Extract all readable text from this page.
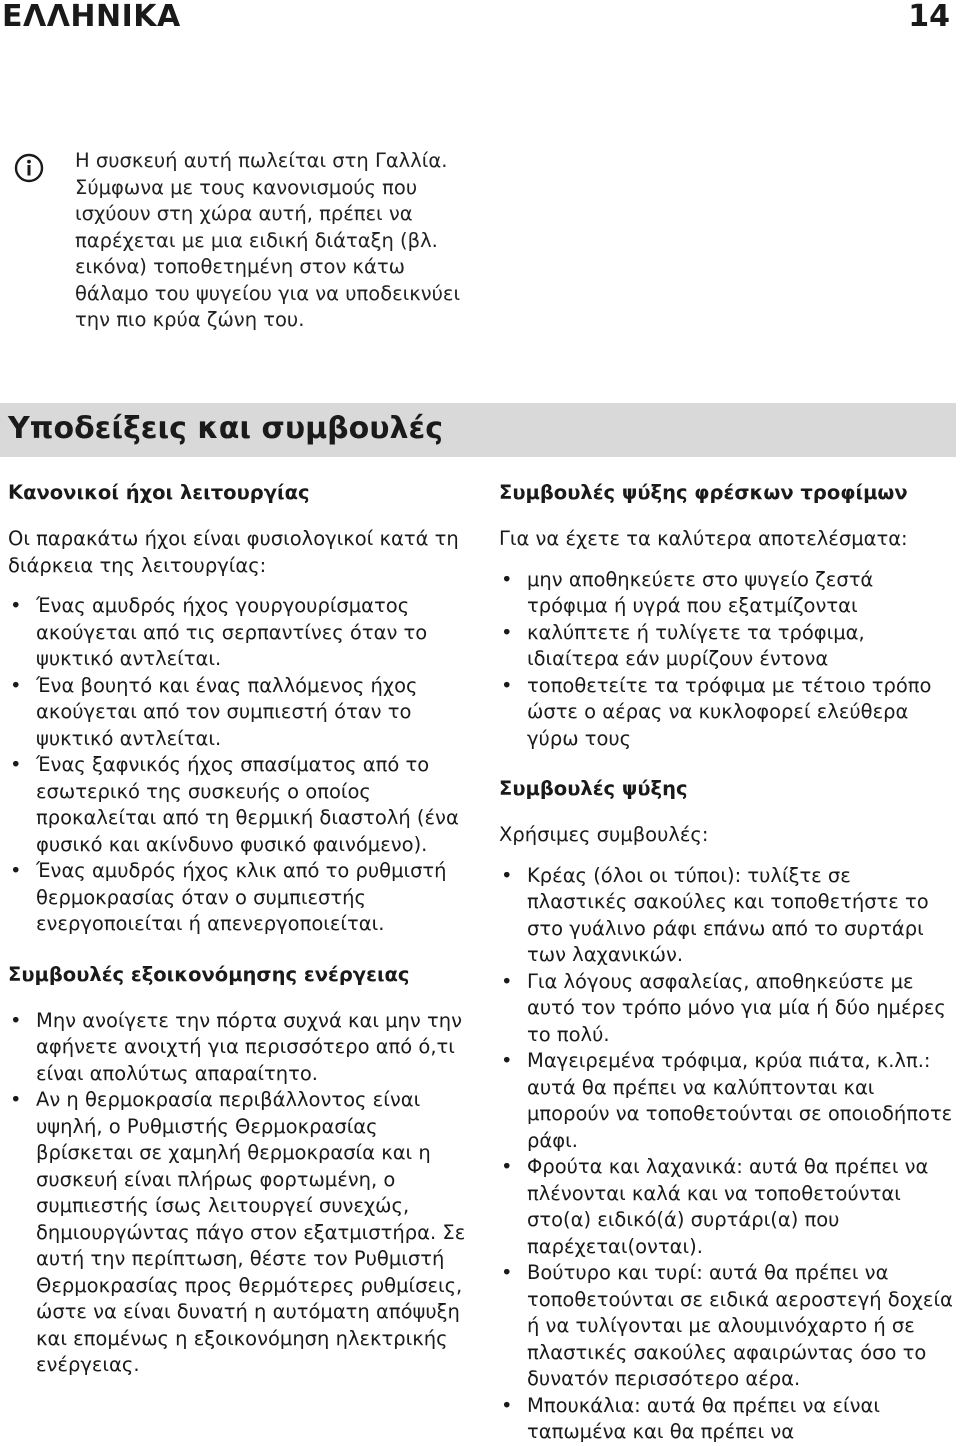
ΕΛΛΗΝΙΚΑ	14

Η συσκευή αυτή πωλείται στη Γαλλία. Σύμφωνα με τους κανονισμούς που ισχύουν στη χώρα αυτή, πρέπει να παρέχεται με μια ειδική διάταξη (βλ. εικόνα) τοποθετημένη στον κάτω θάλαμο του ψυγείου για να υποδεικνύει την πιο κρύα ζώνη του.

Υποδείξεις και συμβουλές
Κανονικοί ήχοι λειτουργίας

Οι παρακάτω ήχοι είναι φυσιολογικοί κατά τη διάρκεια της λειτουργίας:

• Ένας αμυδρός ήχος γουργουρίσματος ακούγεται από τις σερπαντίνες όταν το ψυκτικό αντλείται.
• Ένα βουητό και ένας παλλόμενος ήχος ακούγεται από τον συμπιεστή όταν το ψυκτικό αντλείται.
• Ένας ξαφνικός ήχος σπασίματος από το εσωτερικό της συσκευής ο οποίος προκαλείται από τη θερμική διαστολή (ένα φυσικό και ακίνδυνο φυσικό φαινόμενο).
• Ένας αμυδρός ήχος κλικ από το ρυθμιστή θερμοκρασίας όταν ο συμπιεστής ενεργοποιείται ή απενεργοποιείται.
Συμβουλές εξοικονόμησης ενέργειας
• Μην ανοίγετε την πόρτα συχνά και μην την αφήνετε ανοιχτή για περισσότερο από ό,τι είναι απολύτως απαραίτητο.
• Αν η θερμοκρασία περιβάλλοντος είναι υψηλή, ο Ρυθμιστής Θερμοκρασίας βρίσκεται σε χαμηλή θερμοκρασία και η συσκευή είναι πλήρως φορτωμένη, ο συμπιεστής ίσως λειτουργεί συνεχώς, δημιουργώντας πάγο στον εξατμιστήρα. Σε αυτή την περίπτωση, θέστε τον Ρυθμιστή Θερμοκρασίας προς θερμότερες ρυθμίσεις, ώστε να είναι δυνατή η αυτόματη απόψυξη και επομένως η εξοικονόμηση ηλεκτρικής ενέργειας.
Συμβουλές ψύξης φρέσκων τροφίμων

Για να έχετε τα καλύτερα αποτελέσματα:

• μην αποθηκεύετε στο ψυγείο ζεστά τρόφιμα ή υγρά που εξατμίζονται
• καλύπτετε ή τυλίγετε τα τρόφιμα, ιδιαίτερα εάν μυρίζουν έντονα
• τοποθετείτε τα τρόφιμα με τέτοιο τρόπο ώστε ο αέρας να κυκλοφορεί ελεύθερα γύρω τους
Συμβουλές ψύξης

Χρήσιμες συμβουλές:

• Κρέας (όλοι οι τύποι): τυλίξτε σε πλαστικές σακούλες και τοποθετήστε το στο γυάλινο ράφι επάνω από το συρτάρι των λαχανικών.
• Για λόγους ασφαλείας, αποθηκεύστε με αυτό τον τρόπο μόνο για μία ή δύο ημέρες το πολύ.
• Μαγειρεμένα τρόφιμα, κρύα πιάτα, κ.λπ.: αυτά θα πρέπει να καλύπτονται και μπορούν να τοποθετούνται σε οποιοδήποτε ράφι.
• Φρούτα και λαχανικά: αυτά θα πρέπει να πλένονται καλά και να τοποθετούνται στο(α) ειδικό(ά) συρτάρι(α) που παρέχεται(ονται).
• Βούτυρο και τυρί: αυτά θα πρέπει να τοποθετούνται σε ειδικά αεροστεγή δοχεία ή να τυλίγονται με αλουμινόχαρτο ή σε πλαστικές σακούλες αφαιρώντας όσο το δυνατόν περισσότερο αέρα.
• Μπουκάλια: αυτά θα πρέπει να είναι ταπωμένα και θα πρέπει να
